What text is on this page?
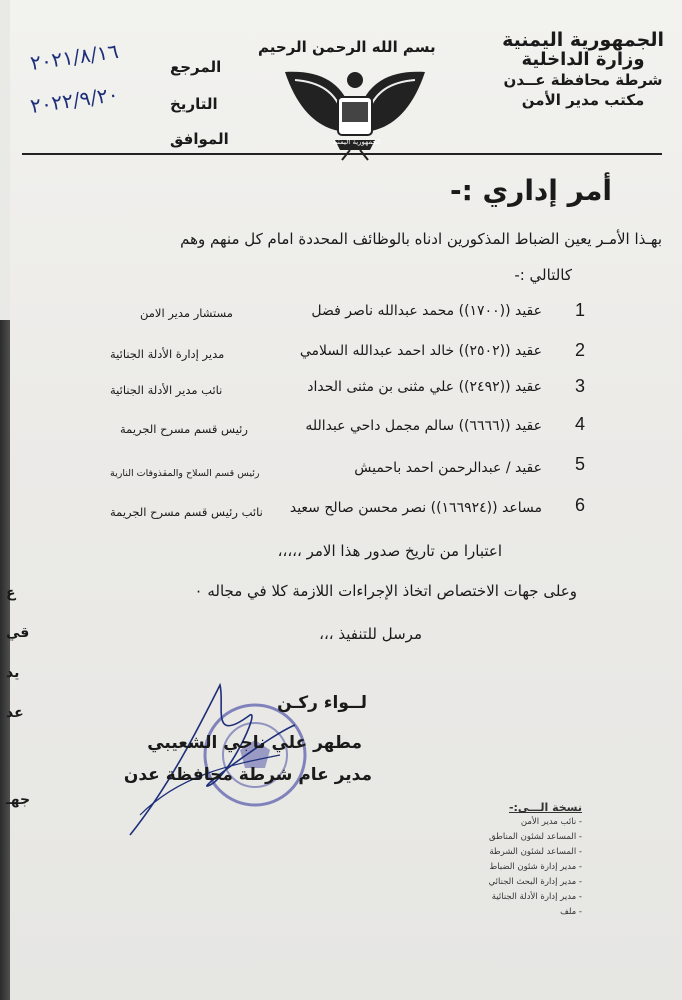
الجمهورية اليمنية
وزارة الداخلية
شرطة محافظة عــدن
مكتب مدير الأمن
بسم الله الرحمن الرحيم
الجمهورية اليمنية
المرجع
التاريخ
الموافق
٢٠٢١/٨/١٦
٢٠٢٢/٩/٢٠
أمر إداري :-
بهـذا الأمـر يعين الضباط المذكورين ادناه بالوظائف المحددة امام كل منهم وهم
كالتالي :-
1
عقيد ((١٧٠٠)) محمد عبدالله ناصر فضل
مستشار مدير الامن
2
عقيد ((٢٥٠٢)) خالد احمد عبدالله السلامي
مدير إدارة الأدلة الجنائية
3
عقيد ((٢٤٩٢)) علي مثنى بن مثنى الحداد
نائب مدير الأدلة الجنائية
4
عقيد ((٦٦٦٦)) سالم مجمل داحي عبدالله
رئيس قسم مسرح الجريمة
5
عقيد / عبدالرحمن احمد باحميش
رئيس قسم السلاح والمقذوفات النارية
6
مساعد ((١٦٦٩٢٤)) نصر محسن صالح سعيد
نائب رئيس قسم مسرح الجريمة
اعتبارا من تاريخ صدور هذا الامر ،،،،،
وعلى جهات الاختصاص اتخاذ الإجراءات اللازمة كلا في مجاله ٠
مرسل للتنفيذ ،،،
لــواء ركـن
مطهر علي ناجي الشعيبي
مدير عام شرطة محافظة عدن
نسخة الـــى:-
- نائب مدير الأمن
- المساعد لشئون المناطق
- المساعد لشئون الشرطة
- مدير إدارة شئون الضباط
- مدير إدارة البحث الجنائي
- مدير إدارة الأدلة الجنائية
- ملف
ع
قي
يد
عد
جهـ
